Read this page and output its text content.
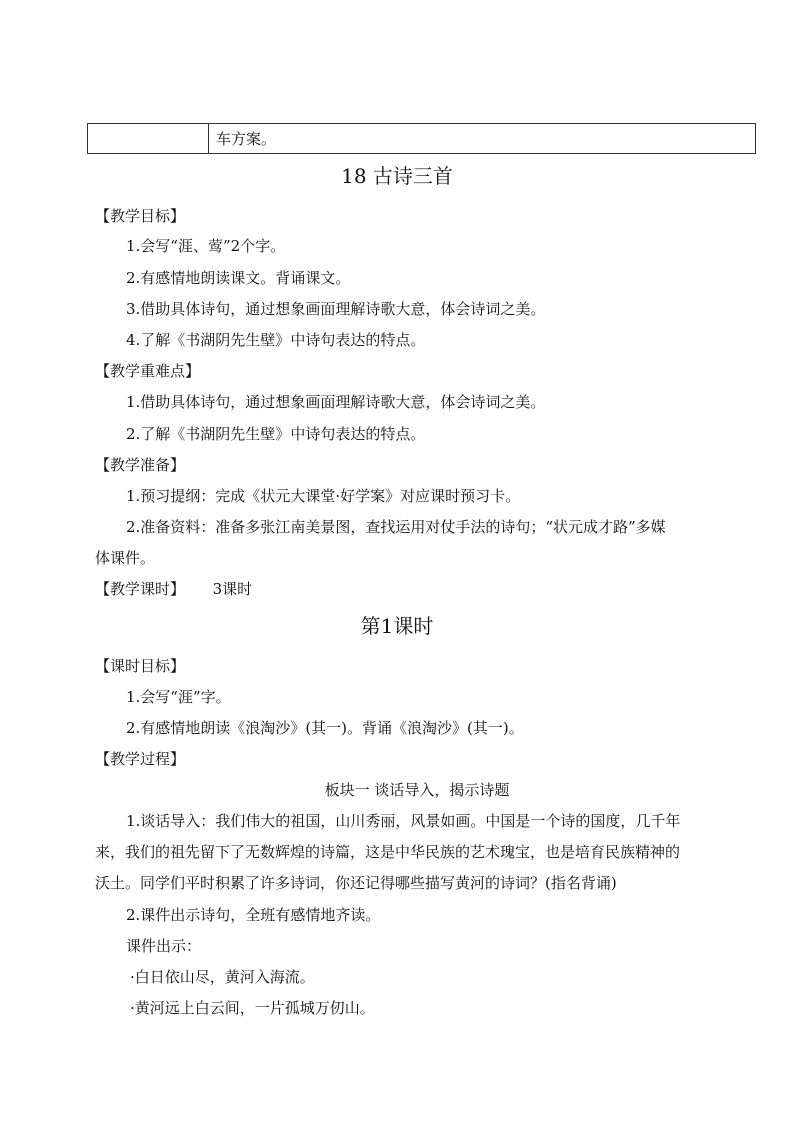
车方案。
18 古诗三首
【教学目标】
1.会写“涯、莺”2个字。
2.有感情地朗读课文。背诵课文。
3.借助具体诗句，通过想象画面理解诗歌大意，体会诗词之美。
4.了解《书湖阴先生壁》中诗句表达的特点。
【教学重难点】
1.借助具体诗句，通过想象画面理解诗歌大意，体会诗词之美。
2.了解《书湖阴先生壁》中诗句表达的特点。
【教学准备】
1.预习提纲：完成《状元大课堂·好学案》对应课时预习卡。
2.准备资料：准备多张江南美景图，查找运用对仗手法的诗句；“状元成才路”多媒
体课件。
【教学课时】 3课时
第1课时
【课时目标】
1.会写“涯”字。
2.有感情地朗读《浪淘沙》(其一)。背诵《浪淘沙》(其一)。
【教学过程】
板块一 谈话导入，揭示诗题
1.谈话导入：我们伟大的祖国，山川秀丽，风景如画。中国是一个诗的国度，几千年
来，我们的祖先留下了无数辉煌的诗篇，这是中华民族的艺术瑰宝，也是培育民族精神的
沃土。同学们平时积累了许多诗词，你还记得哪些描写黄河的诗词？(指名背诵)
2.课件出示诗句，全班有感情地齐读。
课件出示：
·白日依山尽，黄河入海流。
·黄河远上白云间，一片孤城万仞山。
